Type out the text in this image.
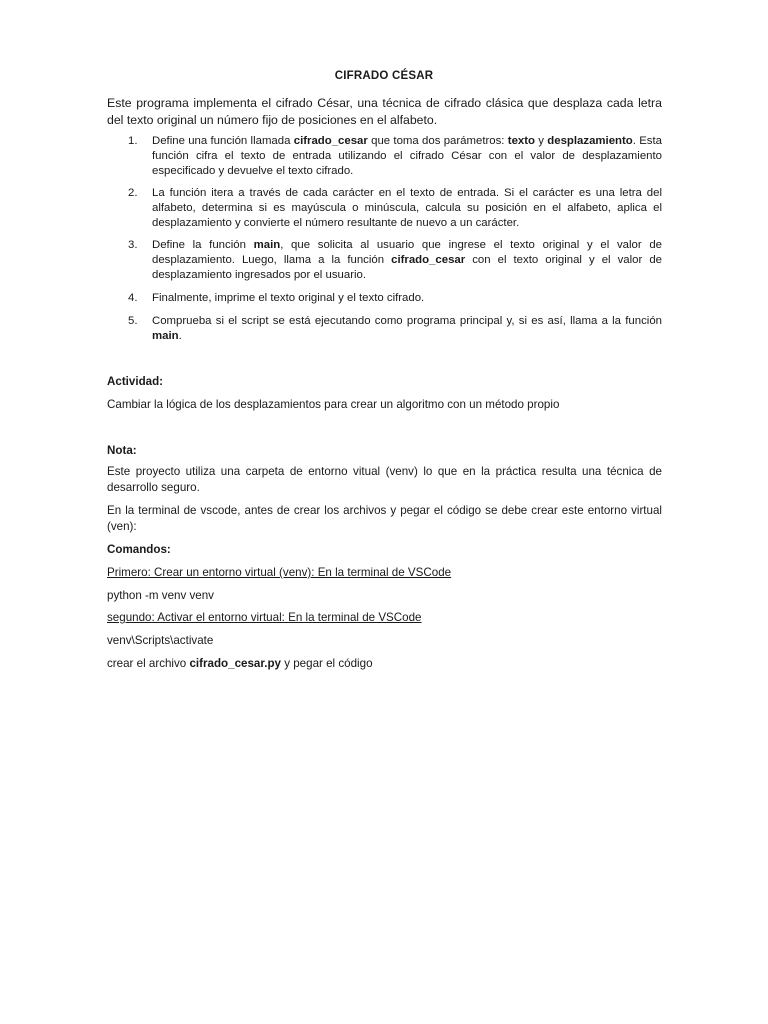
CIFRADO CÉSAR
Este programa implementa el cifrado César, una técnica de cifrado clásica que desplaza cada letra del texto original un número fijo de posiciones en el alfabeto.
1.	Define una función llamada cifrado_cesar que toma dos parámetros: texto y desplazamiento. Esta función cifra el texto de entrada utilizando el cifrado César con el valor de desplazamiento especificado y devuelve el texto cifrado.
2.	La función itera a través de cada carácter en el texto de entrada. Si el carácter es una letra del alfabeto, determina si es mayúscula o minúscula, calcula su posición en el alfabeto, aplica el desplazamiento y convierte el número resultante de nuevo a un carácter.
3.	Define la función main, que solicita al usuario que ingrese el texto original y el valor de desplazamiento. Luego, llama a la función cifrado_cesar con el texto original y el valor de desplazamiento ingresados por el usuario.
4.	Finalmente, imprime el texto original y el texto cifrado.
5.	Comprueba si el script se está ejecutando como programa principal y, si es así, llama a la función main.
Actividad:
Cambiar la lógica de los desplazamientos para crear un algoritmo con un método propio
Nota:
Este proyecto utiliza una carpeta de entorno vitual (venv) lo que en la práctica resulta una técnica de desarrollo seguro.
En la terminal de vscode, antes de crear los archivos y pegar el código se debe crear este entorno virtual (ven):
Comandos:
Primero: Crear un entorno virtual (venv): En la terminal de VSCode
python -m venv venv
segundo: Activar el entorno virtual: En la terminal de VSCode
venv\Scripts\activate
crear el archivo cifrado_cesar.py y pegar el código
